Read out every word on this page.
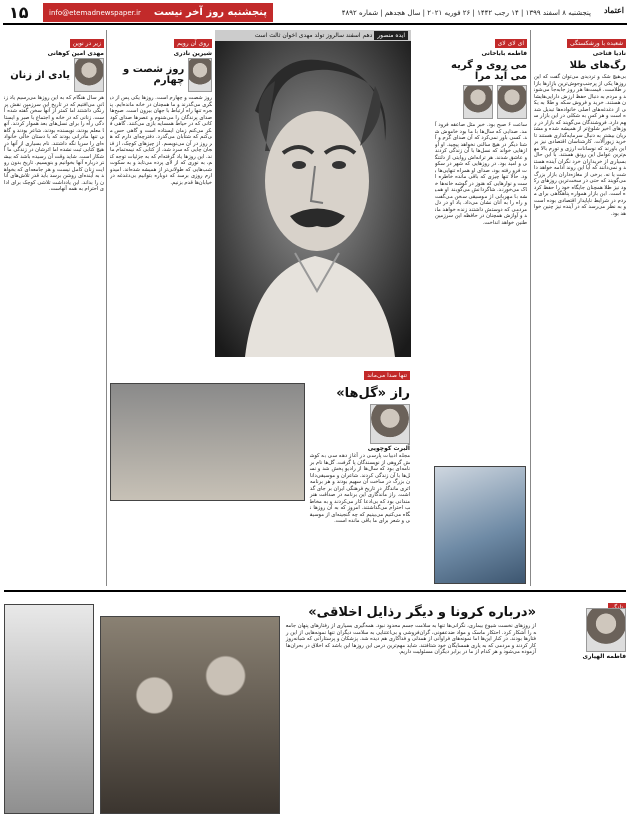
۱۵	پنجشنبه روز آخر نیست
info@etemadnewspaper.ir	پنجشنبه ۸ اسفند ۱۳۹۹ | ۱۴ رجب ۱۴۴۲ | ۲۶ فوریه ۲۰۲۱ | سال هجدهم | شماره ۴۸۹۲ اعتماد
شعبده با ورشکستگی
نادیا فتاحی
رگ‌های طلا
بی‌هیچ شک و تردیدی می‌توان گفت که این روزها یکی از پرجنب‌وجوش‌ترین بازارها بازار طلاست. قیمت‌ها هر روز جابه‌جا می‌شوند و مردم به دنبال حفظ ارزش دارایی‌هایشان هستند. خرید و فروش سکه و طلا به یکی از دغدغه‌های اصلی خانواده‌ها تبدیل شده است و هر کس به شکلی در این بازار سهم دارد. فروشندگان می‌گویند که بازار در روزهای اخیر شلوغ‌تر از همیشه شده و مشتریان بیشتر به دنبال سرمایه‌گذاری هستند تا خرید زیورآلات. کارشناسان اقتصادی نیز بر این باورند که نوسانات ارزی و تورم بالا مهم‌ترین عوامل این رونق هستند. با این حال بسیاری از خریداران خرد نگران آینده هستند و نمی‌دانند که آیا این روند ادامه خواهد داشت یا نه. برخی از مغازه‌داران بازار بزرگ می‌گویند که حتی در سخت‌ترین روزهای رکود نیز طلا همچنان جایگاه خود را حفظ کرده است. این بازار همواره پناهگاهی برای مردم در شرایط ناپایدار اقتصادی بوده است و به نظر می‌رسد که در آینده نیز چنین خواهد بود.
ای لای لای
فاطمه باباخانی
می روی و گریه می آید مرا
ساعت ۶ صبح بود. خبر مثل صاعقه فرود آمد. صدایی که سال‌ها با ما بود خاموش شد. کسی باور نمی‌کرد که آن صدای گرم و آشنا دیگر در هیچ سالنی نخواهد پیچید. او آوازهایی خواند که نسل‌ها با آن زندگی کردند و عاشق شدند. هر ترانه‌اش روایتی از دلتنگی و امید بود. در روزهایی که شهر در سکوت فرو رفته بود، صدای او همراه تنهایی‌ها بود. حالا تنها چیزی که باقی مانده خاطره است و نوارهایی که هنوز در گوشه خانه‌ها خاک می‌خورند. شاگردانش می‌گویند او همیشه با مهربانی از موسیقی سخن می‌گفت و راه را به آنان نشان می‌داد. یاد او در دل مردمی که دوستش داشتند زنده خواهد ماند و آوازش همچنان در حافظه این سرزمین طنین خواهد انداخت.
ایده منصور دهم اسفند سالروز تولد مهدی اخوان ثالث است
روی آن رویم
شیرین نادری
روز شصت و چهارم
روز شصت و چهارم است. روزها یکی پس از دیگری می‌گذرند و ما همچنان در خانه مانده‌ایم. پنجره تنها راه ارتباط با جهان بیرون است. صبح‌ها صدای پرندگان را می‌شنوم و عصرها صدای کودکانی که در حیاط همسایه بازی می‌کنند. گاهی فکر می‌کنم زمان ایستاده است و گاهی حس می‌کنم که شتابان می‌گذرد. دفترچه‌ای دارم که هر روز در آن می‌نویسم. از چیزهای کوچک، از فنجان چایی که سرد شد، از کتابی که نیمه‌تمام ماند. این روزها یاد گرفته‌ام که به جزئیات توجه کنم، به نوری که از لای پرده می‌تابد و به سکوت شب‌هایی که طولانی‌تر از همیشه شده‌اند. امیدوارم روزی برسد که دوباره بتوانیم بی‌دغدغه در خیابان‌ها قدم بزنیم.
زیر در نوین
مهدی امین کوهانی
یادی از زنان
هر سال هنگام که به این روزها می‌رسیم یاد زنانی می‌افتیم که در تاریخ این سرزمین نقش پررنگی داشتند اما کمتر از آنها سخن گفته شده است. زنانی که در خانه و اجتماع با صبر و ایستادگی راه را برای نسل‌های بعد هموار کردند. آنها معلم بودند، نویسنده بودند، شاعر بودند و گاهی تنها مادرانی بودند که با دستان خالی خانواده‌ای را سرپا نگه داشتند. نام بسیاری از آنها در هیچ کتابی ثبت نشده اما اثرشان در زندگی ما آشکار است. شاید وقت آن رسیده باشد که بیشتر درباره آنها بخوانیم و بنویسیم. تاریخ بدون روایت زنان کامل نیست و هر جامعه‌ای که بخواهد به آینده‌ای روشن برسد باید قدر تلاش‌های آنان را بداند. این یادداشت تلاشی کوچک برای ادای احترام به همه آنهاست.
تنها صدا می‌ماند
راز «گل‌ها»
آلبرت کوچویی
مجله ادبیات پارسی در آغاز دهه سی به کوشش گروهی از نویسندگان پا گرفت. گل‌ها نام برنامه‌ای بود که سال‌ها از رادیو پخش شد و نسل‌ها با آن زندگی کردند. شاعران و موسیقی‌دانان بزرگ در ساخت آن سهیم بودند و هر برنامه اثری ماندگار در تاریخ فرهنگی ایران بر جای گذاشت. راز ماندگاری این برنامه در صداقت هنرمندانی بود که بی‌ادعا کار می‌کردند و به مخاطب احترام می‌گذاشتند. امروز که به آن روزها نگاه می‌کنیم می‌بینیم که چه گنجینه‌ای از موسیقی و شعر برای ما باقی مانده است.
«درباره کرونا و دیگر رذایل اخلاقی»
از روزهای نخست شیوع بیماری، نگرانی‌ها تنها به سلامت جسم محدود نبود. همه‌گیری بسیاری از رفتارهای پنهان جامعه را آشکار کرد. احتکار ماسک و مواد ضدعفونی، گران‌فروشی و بی‌اعتنایی به سلامت دیگران تنها نمونه‌هایی از این رفتارها بودند. در کنار این‌ها اما نمونه‌های فراوانی از همدلی و فداکاری هم دیده شد. پزشکان و پرستارانی که شبانه‌روز کار کردند و مردمی که به یاری همسایگان خود شتافتند. شاید مهم‌ترین درس این روزها این باشد که اخلاق در بحران‌ها آزموده می‌شود و هر کدام از ما در برابر دیگران مسئولیت داریم.
فاطمه الهیاری
